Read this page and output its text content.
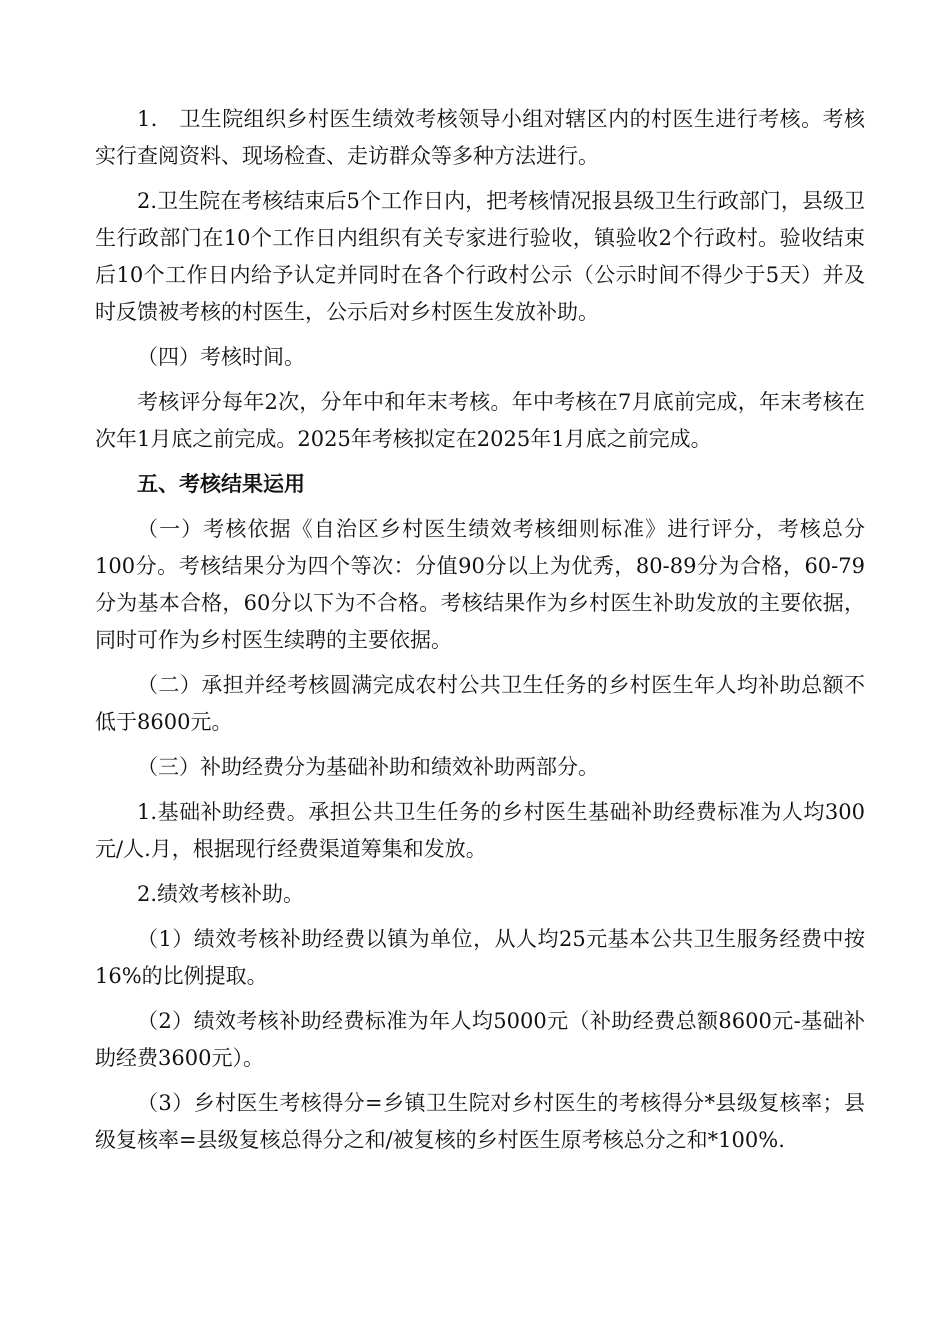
1． 卫生院组织乡村医生绩效考核领导小组对辖区内的村医生进行考核。考核实行查阅资料、现场检查、走访群众等多种方法进行。

2.卫生院在考核结束后5个工作日内，把考核情况报县级卫生行政部门，县级卫生行政部门在10个工作日内组织有关专家进行验收，镇验收2个行政村。验收结束后10个工作日内给予认定并同时在各个行政村公示（公示时间不得少于5天）并及时反馈被考核的村医生，公示后对乡村医生发放补助。

（四）考核时间。

考核评分每年2次，分年中和年末考核。年中考核在7月底前完成，年末考核在次年1月底之前完成。2025年考核拟定在2025年1月底之前完成。

五、考核结果运用

（一）考核依据《自治区乡村医生绩效考核细则标准》进行评分，考核总分100分。考核结果分为四个等次：分值90分以上为优秀，80-89分为合格，60-79分为基本合格，60分以下为不合格。考核结果作为乡村医生补助发放的主要依据，同时可作为乡村医生续聘的主要依据。

（二）承担并经考核圆满完成农村公共卫生任务的乡村医生年人均补助总额不低于8600元。

（三）补助经费分为基础补助和绩效补助两部分。

1.基础补助经费。承担公共卫生任务的乡村医生基础补助经费标准为人均300元/人.月，根据现行经费渠道筹集和发放。

2.绩效考核补助。

（1）绩效考核补助经费以镇为单位，从人均25元基本公共卫生服务经费中按16%的比例提取。

（2）绩效考核补助经费标准为年人均5000元（补助经费总额8600元-基础补助经费3600元）。

（3）乡村医生考核得分=乡镇卫生院对乡村医生的考核得分*县级复核率；县级复核率=县级复核总得分之和/被复核的乡村医生原考核总分之和*100%.
